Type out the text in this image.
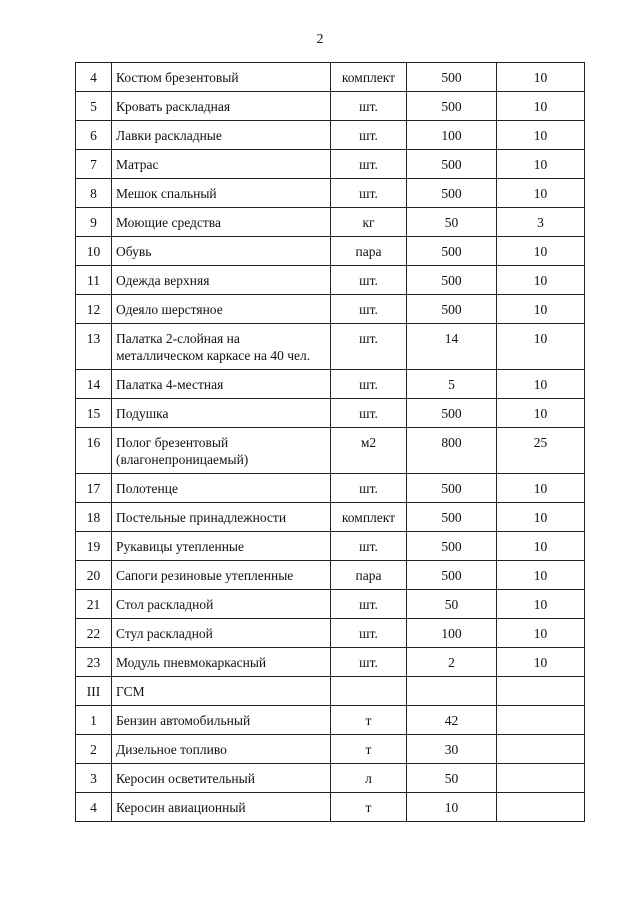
2
4	Костюм брезентовый	комплект	500	10
5	Кровать раскладная	шт.	500	10
6	Лавки раскладные	шт.	100	10
7	Матрас	шт.	500	10
8	Мешок спальный	шт.	500	10
9	Моющие средства	кг	50	3
10	Обувь	пара	500	10
11	Одежда верхняя	шт.	500	10
12	Одеяло шерстяное	шт.	500	10
13	Палатка 2-слойная на металлическом каркасе на 40 чел.	шт.	14	10
14	Палатка 4-местная	шт.	5	10
15	Подушка	шт.	500	10
16	Полог брезентовый (влагонепроницаемый)	м2	800	25
17	Полотенце	шт.	500	10
18	Постельные принадлежности	комплект	500	10
19	Рукавицы утепленные	шт.	500	10
20	Сапоги резиновые утепленные	пара	500	10
21	Стол раскладной	шт.	50	10
22	Стул раскладной	шт.	100	10
23	Модуль пневмокаркасный	шт.	2	10
III	ГСМ			
1	Бензин автомобильный	т	42	
2	Дизельное топливо	т	30	
3	Керосин осветительный	л	50	
4	Керосин авиационный	т	10	
